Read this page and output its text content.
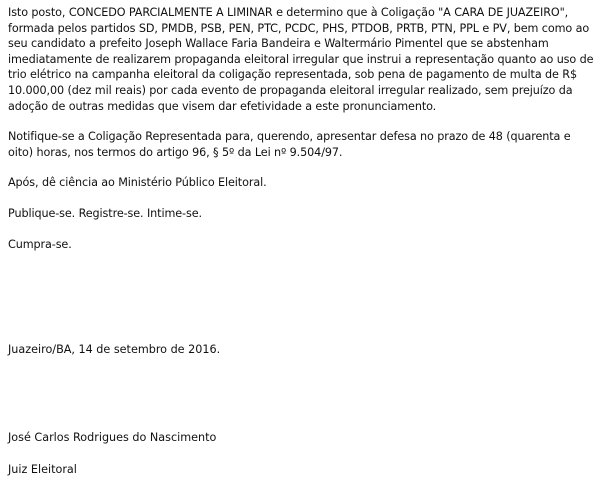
Isto posto, CONCEDO PARCIALMENTE A LIMINAR e determino que à Coligação "A CARA DE JUAZEIRO", formada pelos partidos SD, PMDB, PSB, PEN, PTC, PCDC, PHS, PTDOB, PRTB, PTN, PPL e PV, bem como ao seu candidato a prefeito Joseph Wallace Faria Bandeira e Waltermário Pimentel que se abstenham imediatamente de realizarem propaganda eleitoral irregular que instrui a representação quanto ao uso de trio elétrico na campanha eleitoral da coligação representada, sob pena de pagamento de multa de R$ 10.000,00 (dez mil reais) por cada evento de propaganda eleitoral irregular realizado, sem prejuízo da adoção de outras medidas que visem dar efetividade a este pronunciamento.

Notifique-se a Coligação Representada para, querendo, apresentar defesa no prazo de 48 (quarenta e oito) horas, nos termos do artigo 96, § 5º da Lei nº 9.504/97.

Após, dê ciência ao Ministério Público Eleitoral.

Publique-se. Registre-se. Intime-se.

Cumpra-se.

Juazeiro/BA, 14 de setembro de 2016.

José Carlos Rodrigues do Nascimento

Juiz Eleitoral
